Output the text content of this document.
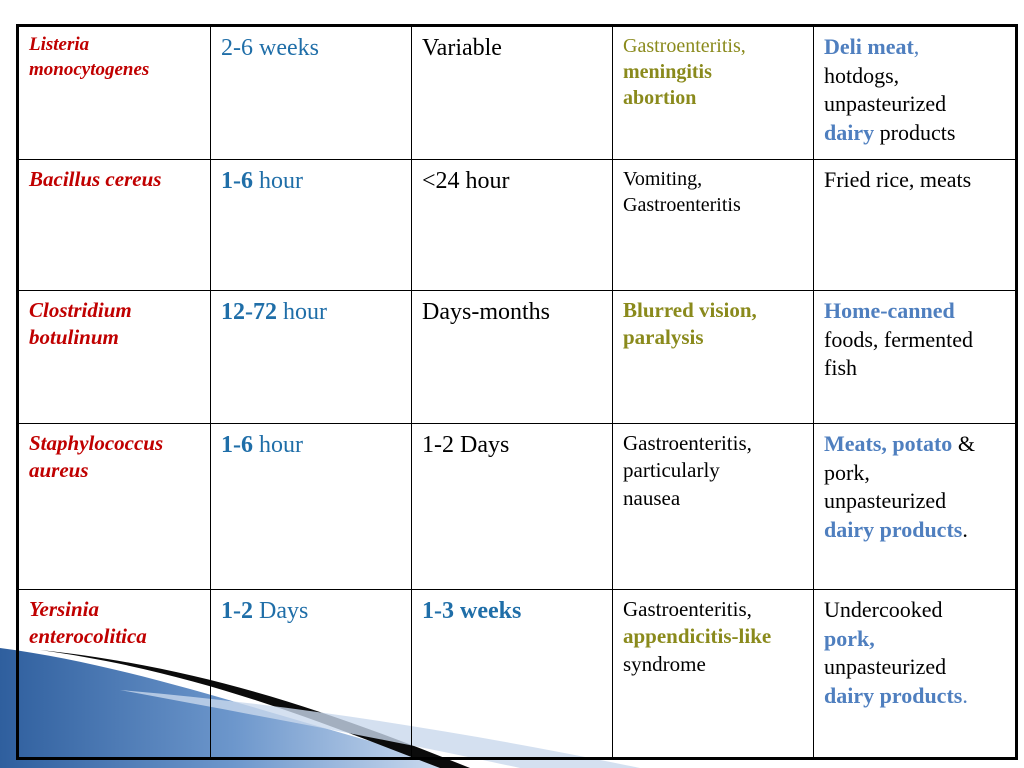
Listeria
monocytogenes	2-6 weeks	Variable	Gastroenteritis,
meningitis
abortion	Deli meat,
hotdogs,
unpasteurized
dairy products
Bacillus cereus	1-6 hour	<24 hour	Vomiting,
Gastroenteritis	Fried rice, meats
Clostridium
botulinum	12-72 hour	Days-months	Blurred vision,
paralysis	Home-canned
foods, fermented
fish
Staphylococcus
aureus	1-6 hour	1-2 Days	Gastroenteritis,
particularly
nausea	Meats, potato &
pork,
unpasteurized
dairy products.
Yersinia
enterocolitica	1-2 Days	1-3 weeks	Gastroenteritis,
appendicitis-like
syndrome	Undercooked
pork,
unpasteurized
dairy products.
